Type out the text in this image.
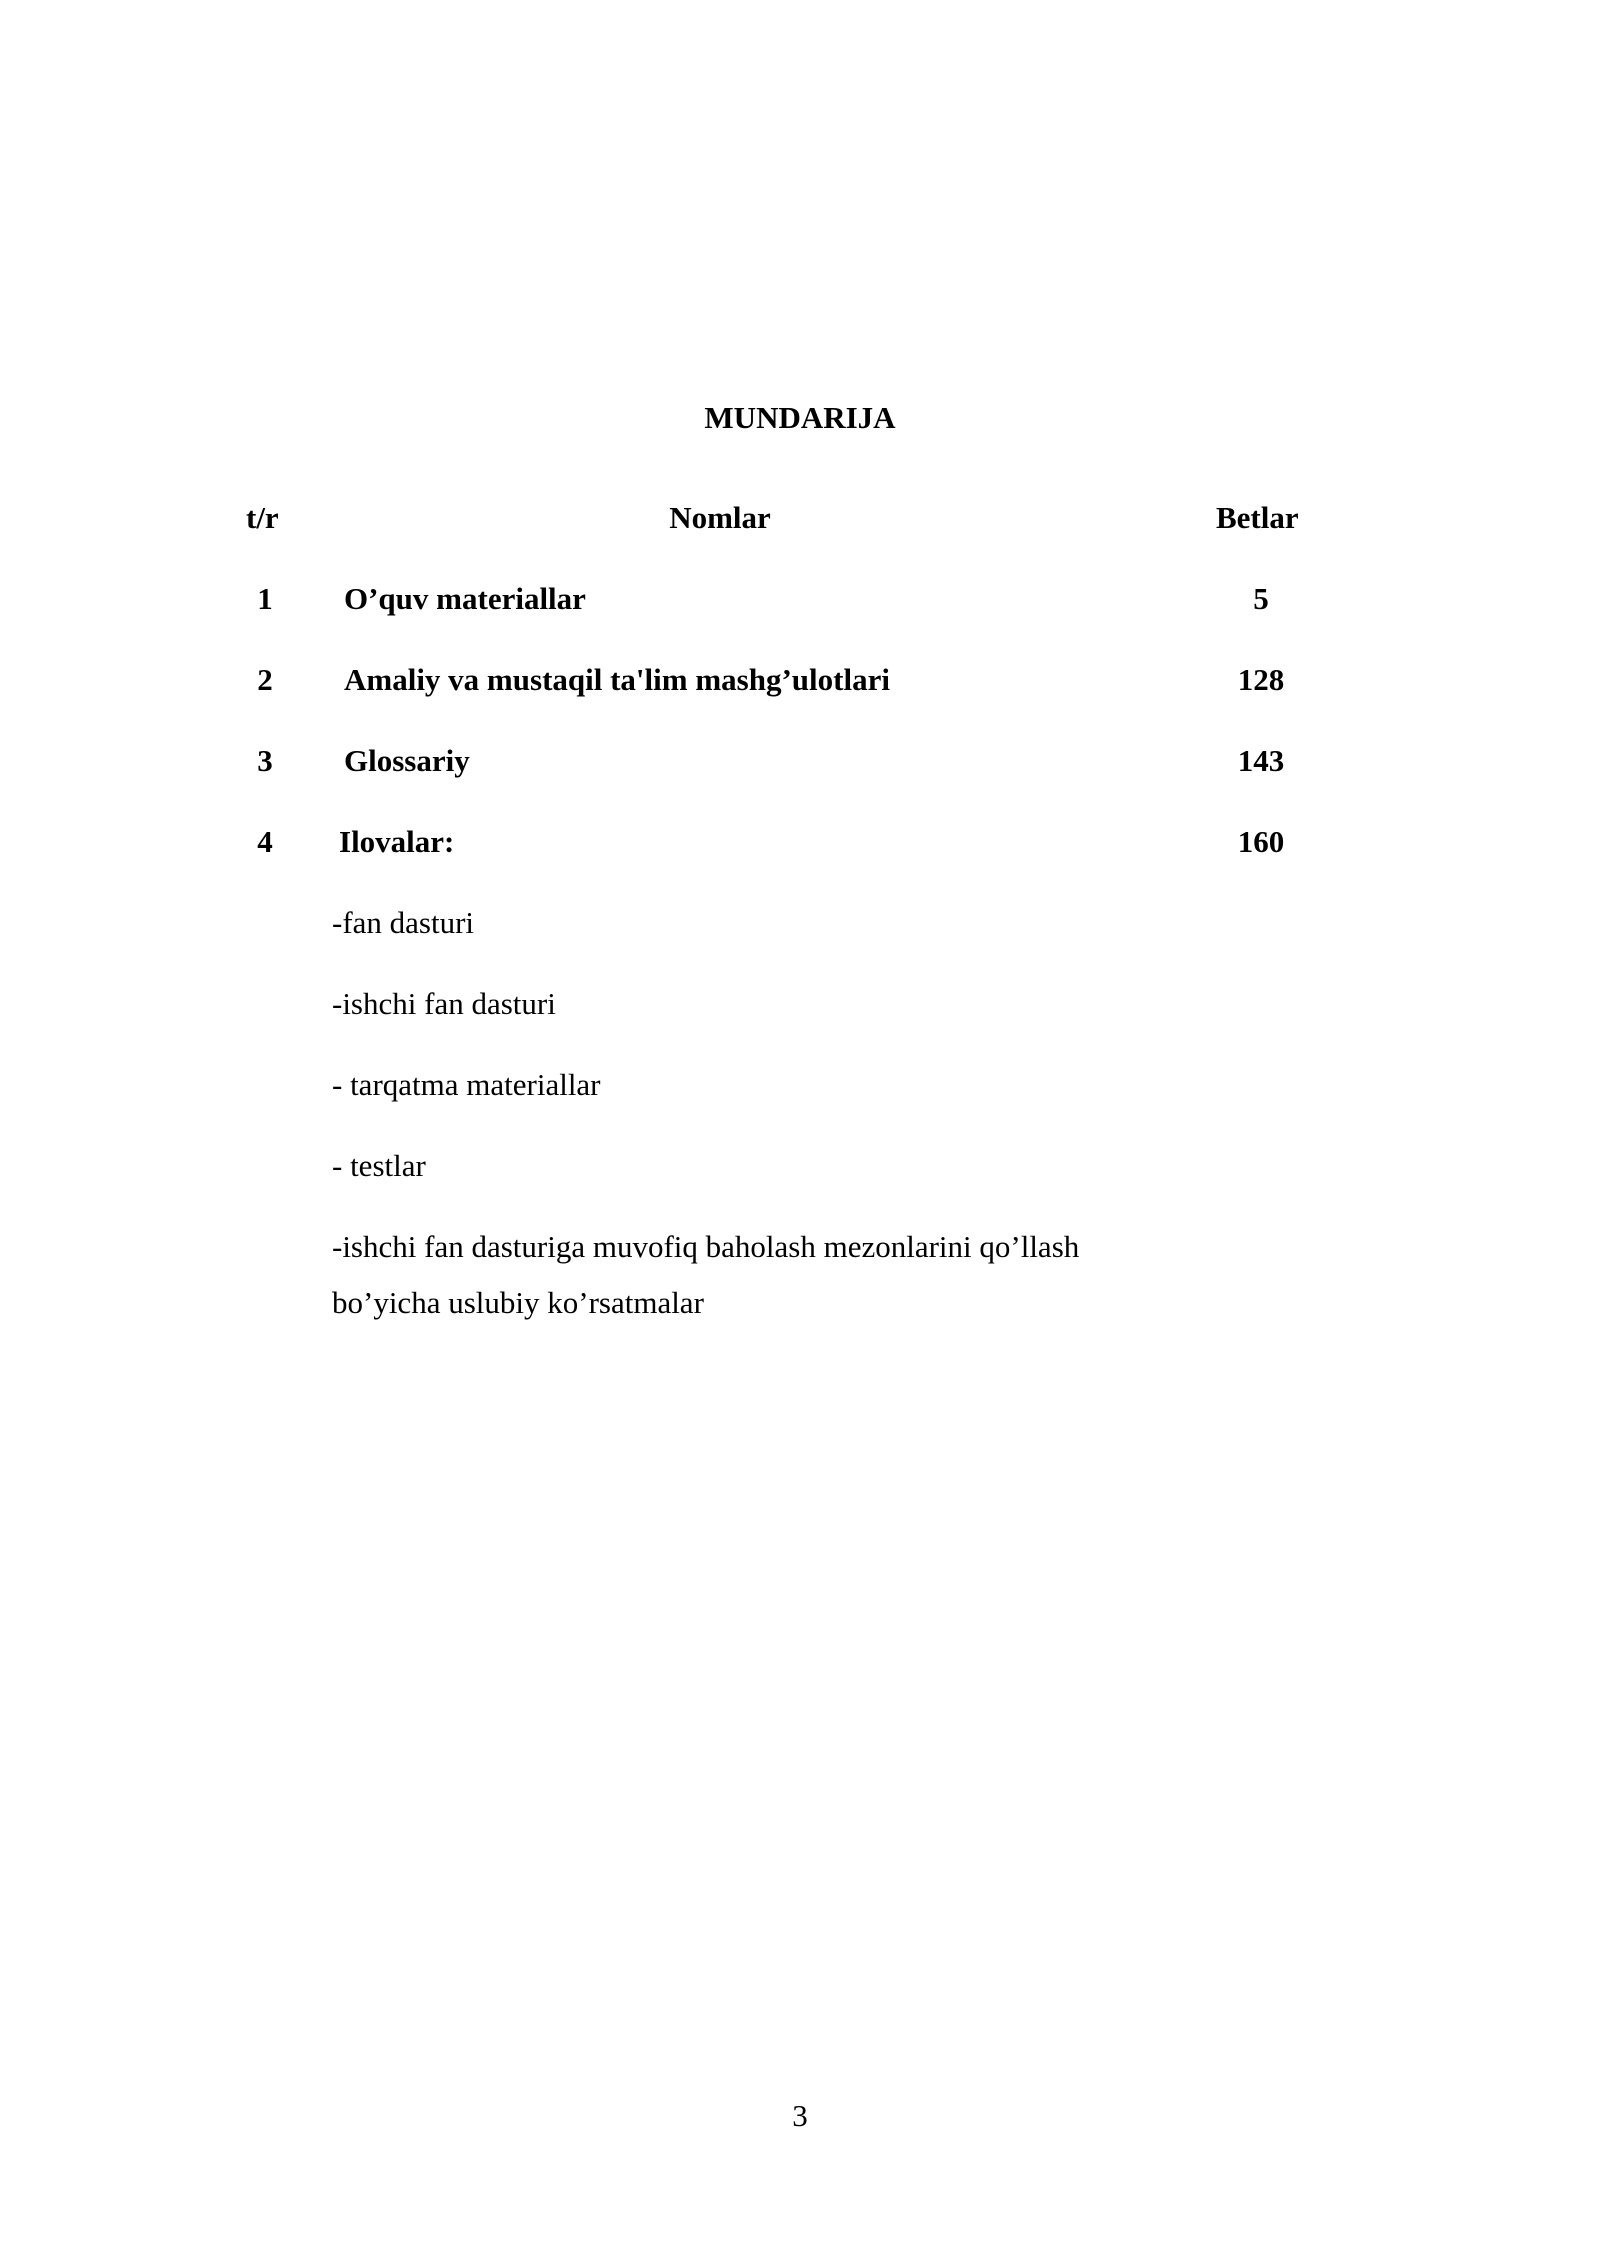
MUNDARIJA
t/r	Nomlar	Betlar
1 O’quv materiallar	5
2 Amaliy va mustaqil ta'lim mashg’ulotlari	128
3 Glossariy	143
4 Ilovalar:	160
-fan dasturi
-ishchi fan dasturi
- tarqatma materiallar
- testlar
-ishchi fan dasturiga muvofiq baholash mezonlarini qo’llash
bo’yicha uslubiy ko’rsatmalar
3
